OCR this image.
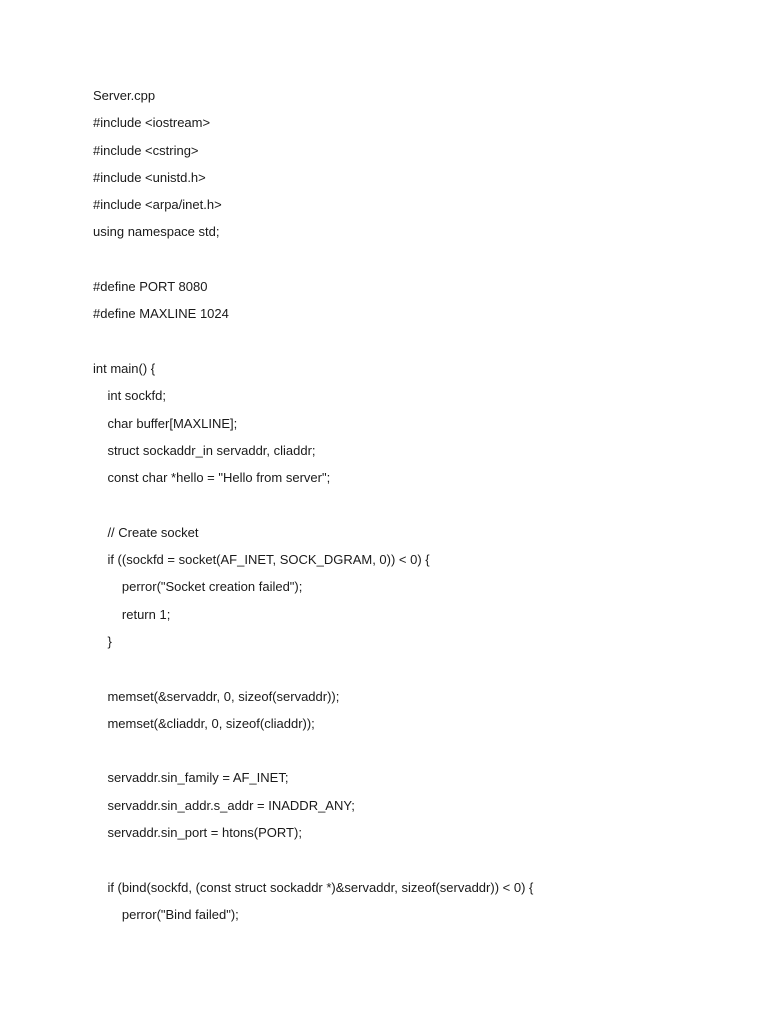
Server.cpp
#include <iostream>
#include <cstring>
#include <unistd.h>
#include <arpa/inet.h>
using namespace std;
#define PORT 8080
#define MAXLINE 1024
int main() {
int sockfd;
char buffer[MAXLINE];
struct sockaddr_in servaddr, cliaddr;
const char *hello = "Hello from server";
// Create socket
if ((sockfd = socket(AF_INET, SOCK_DGRAM, 0)) < 0) {
perror("Socket creation failed");
return 1;
}
memset(&servaddr, 0, sizeof(servaddr));
memset(&cliaddr, 0, sizeof(cliaddr));
servaddr.sin_family = AF_INET;
servaddr.sin_addr.s_addr = INADDR_ANY;
servaddr.sin_port = htons(PORT);
if (bind(sockfd, (const struct sockaddr *)&servaddr, sizeof(servaddr)) < 0) {
perror("Bind failed");
